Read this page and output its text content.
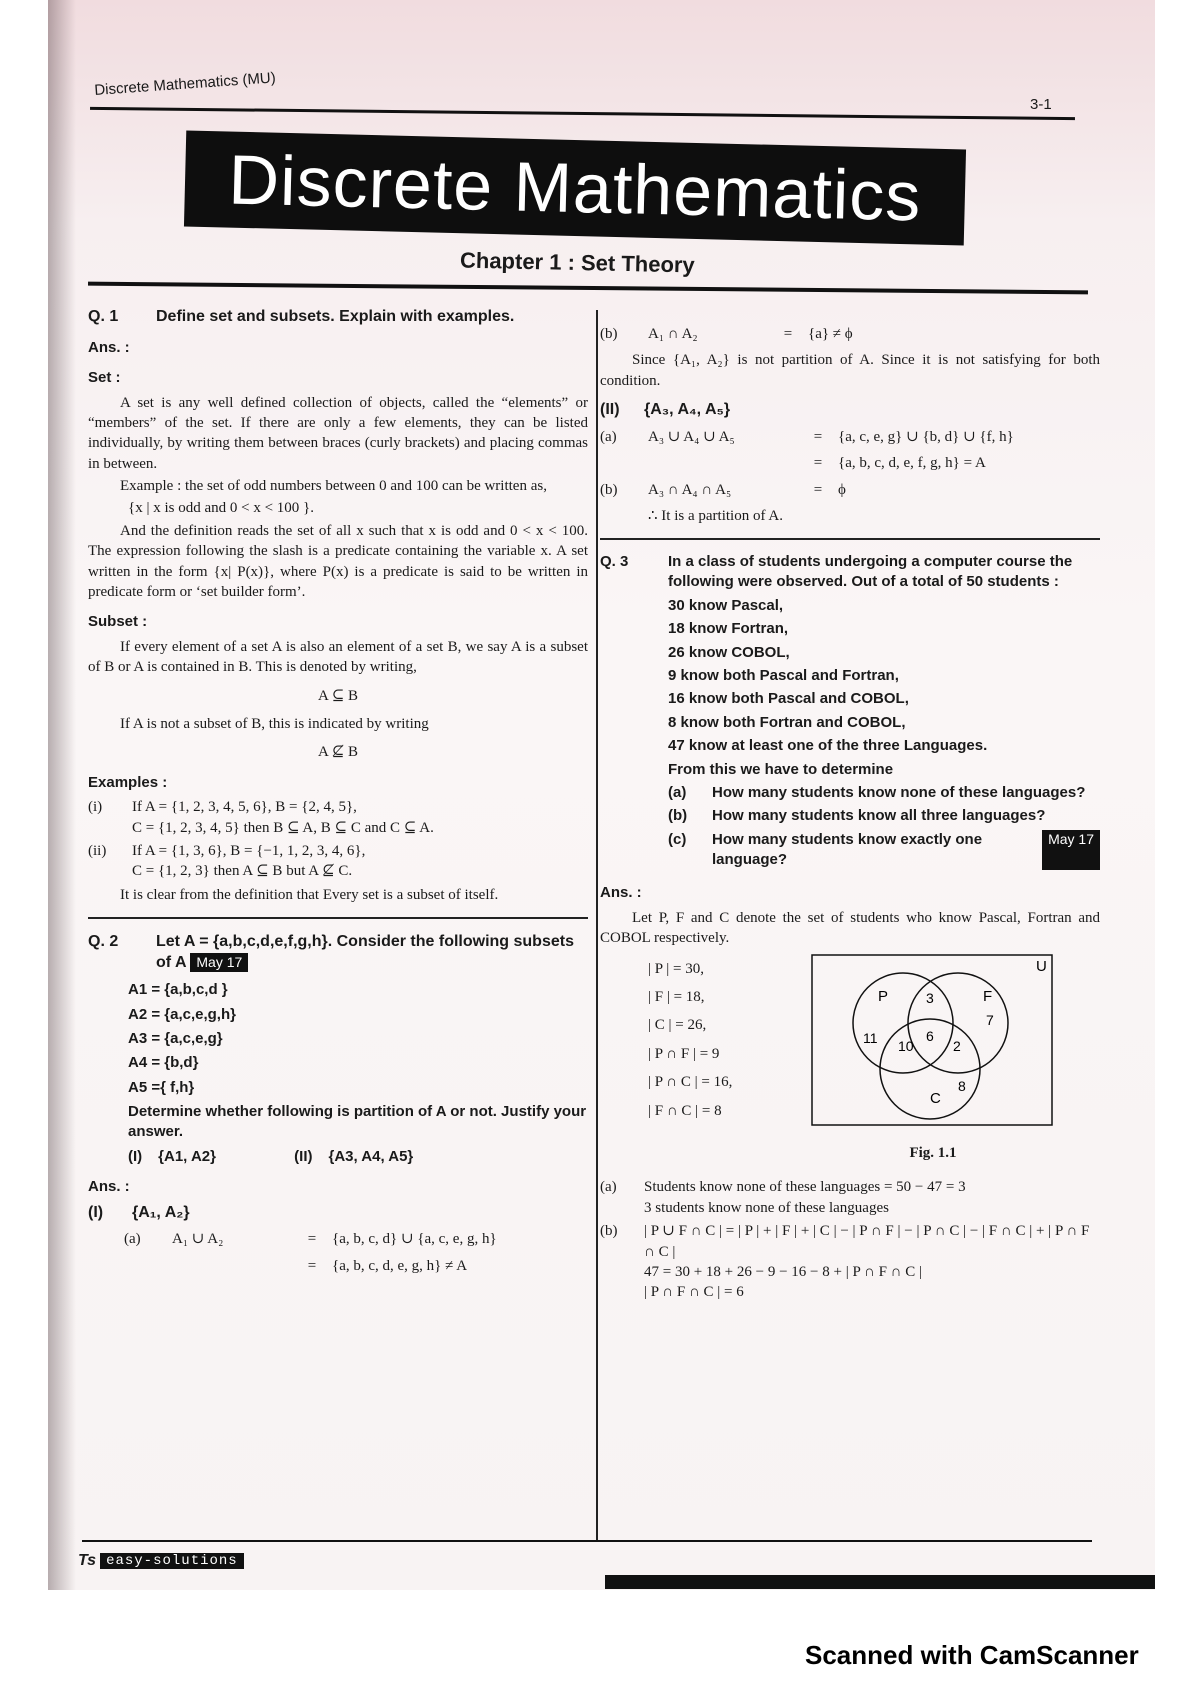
Discrete Mathematics (MU)
3-1
Discrete Mathematics
Chapter 1 : Set Theory
Q. 1	Define set and subsets. Explain with examples.
Ans. :
Set :

A set is any well defined collection of objects, called the “elements” or “members” of the set. If there are only a few elements, they can be listed individually, by writing them between braces (curly brackets) and placing commas in between.

Example : the set of odd numbers between 0 and 100 can be written as,

{x | x is odd and 0 < x < 100 }.

And the definition reads the set of all x such that x is odd and 0 < x < 100. The expression following the slash is a predicate containing the variable x. A set written in the form {x| P(x)}, where P(x) is a predicate is said to be written in predicate form or ‘set builder form’.

Subset :

If every element of a set A is also an element of a set B, we say A is a subset of B or A is contained in B. This is denoted by writing,

A ⊆ B

If A is not a subset of B, this is indicated by writing

A ⊈ B
Examples :
(i)	If A = {1, 2, 3, 4, 5, 6}, B = {2, 4, 5},
C = {1, 2, 3, 4, 5} then B ⊆ A, B ⊆ C and C ⊆ A.
(ii)	If A = {1, 3, 6}, B = {−1, 1, 2, 3, 4, 6},
C = {1, 2, 3} then A ⊆ B but A ⊈ C.

It is clear from the definition that Every set is a subset of itself.

Q. 2	Let A = {a,b,c,d,e,f,g,h}. Consider the following subsets of A May 17
A1 = {a,b,c,d }
A2 = {a,c,e,g,h}
A3 = {a,c,e,g}
A4 = {b,d}
A5 ={ f,h}
Determine whether following is partition of A or not. Justify your answer.
(I) {A1, A2}	(II) {A3, A4, A5}
Ans. :
(I)	{A₁, A₂}
(a)	A₁ ∪ A₂	=	{a, b, c, d} ∪ {a, c, e, g, h}
=	{a, b, c, d, e, g, h} ≠ A
(b)	A₁ ∩ A₂	=	{a} ≠ ϕ

Since {A₁, A₂} is not partition of A. Since it is not satisfying for both condition.

(II)	{A₃, A₄, A₅}
(a)	A₃ ∪ A₄ ∪ A₅	=	{a, c, e, g} ∪ {b, d} ∪ {f, h}
=	{a, b, c, d, e, f, g, h} = A
(b)	A₃ ∩ A₄ ∩ A₅	=	ϕ
∴ It is a partition of A.
Q. 3	In a class of students undergoing a computer course the following were observed. Out of a total of 50 students :
30 know Pascal,
18 know Fortran,
26 know COBOL,
9 know both Pascal and Fortran,
16 know both Pascal and COBOL,
8 know both Fortran and COBOL,
47 know at least one of the three Languages.
From this we have to determine
(a)	How many students know none of these languages?
(b)	How many students know all three languages?
(c)	How many students know exactly one language?
May 17
Ans. :

Let P, F and C denote the set of students who know Pascal, Fortran and COBOL respectively.

| P | = 30,
| F | = 18,
| C | = 26,
| P ∩ F | = 9
| P ∩ C | = 16,
| F ∩ C | = 8
U
P	F
C
3
7
11 10
6
2
8
Fig. 1.1
(a)	Students know none of these languages = 50 − 47 = 3
3 students know none of these languages
(b)	| P ∪ F ∩ C | = | P | + | F | + | C | − | P ∩ F | − | P ∩ C | − | F ∩ C | + | P ∩ F ∩ C |
47 = 30 + 18 + 26 − 9 − 16 − 8 + | P ∩ F ∩ C |
| P ∩ F ∩ C | = 6
Ts easy-solutions
Scanned with CamScanner
